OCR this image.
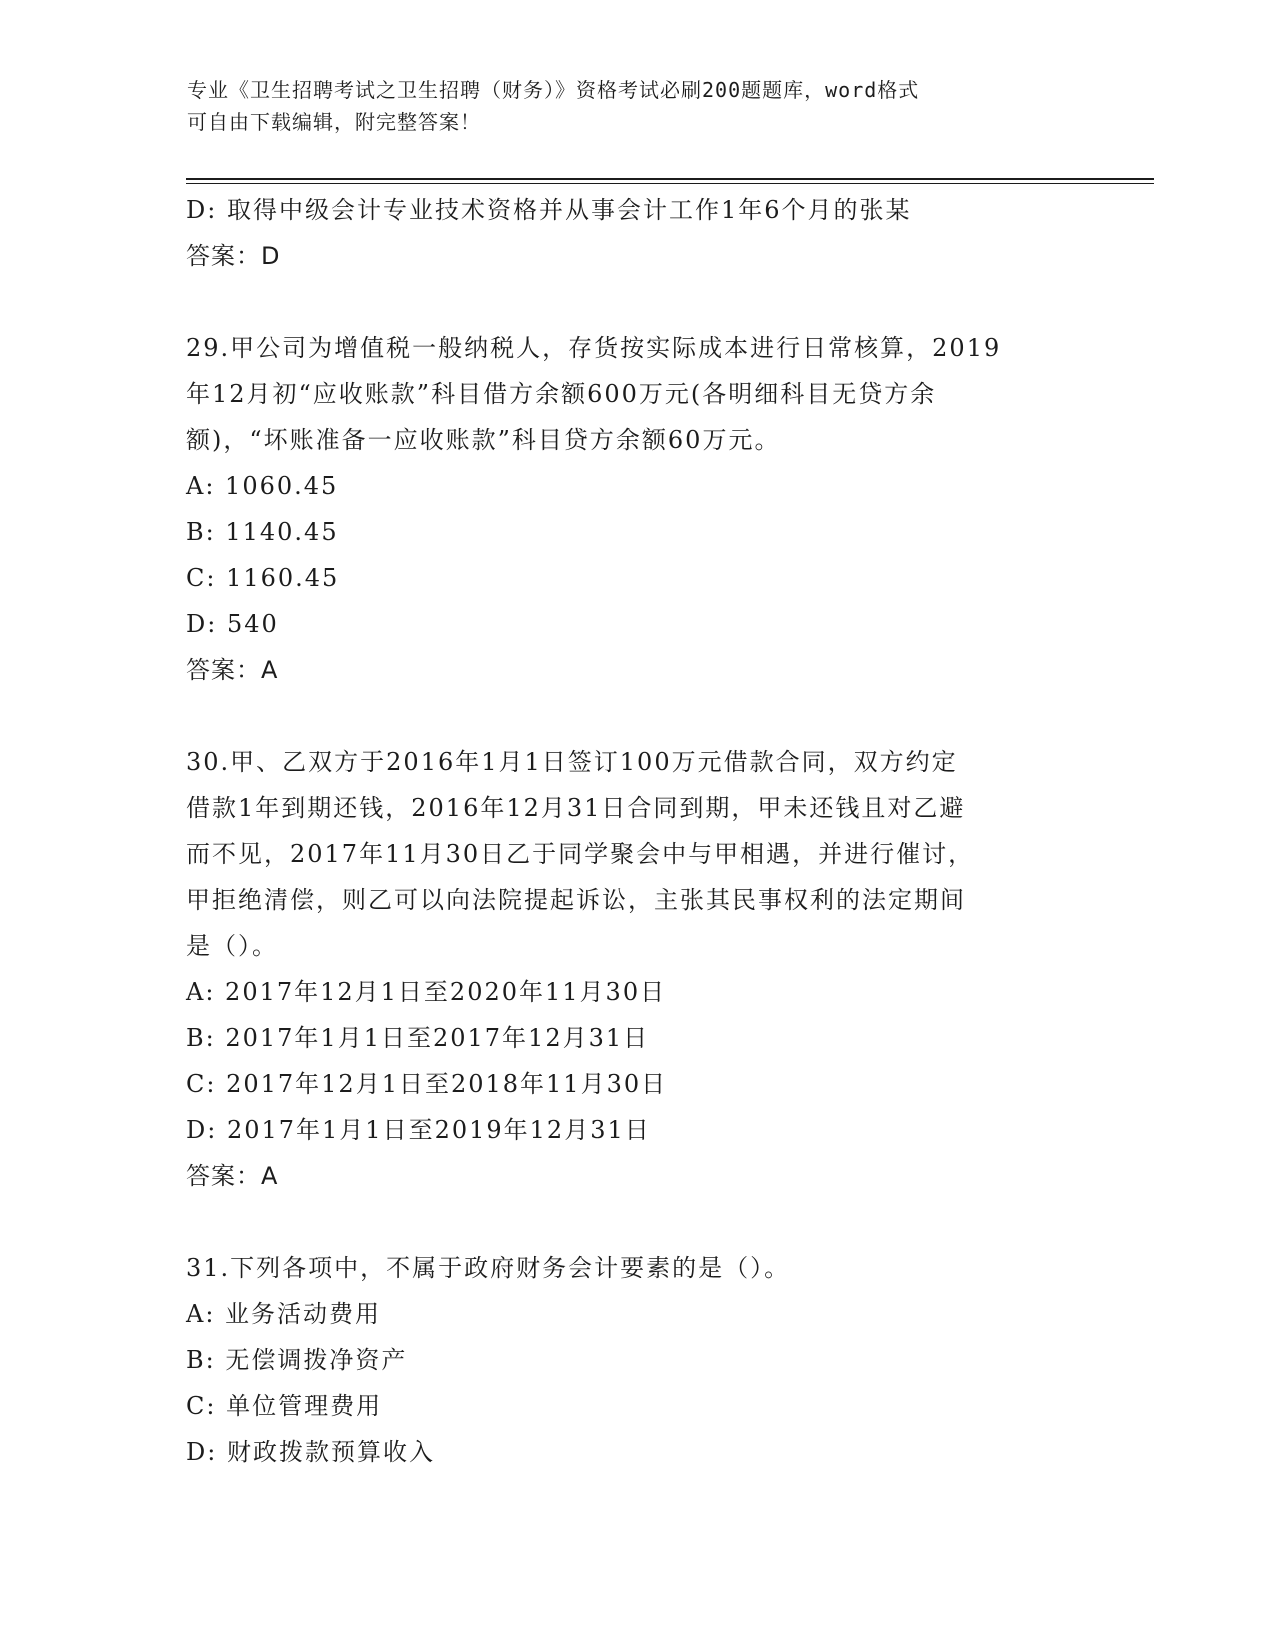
专业《卫生招聘考试之卫生招聘（财务）》资格考试必刷200题题库，word格式
可自由下载编辑，附完整答案！
D: 取得中级会计专业技术资格并从事会计工作1年6个月的张某
答案：D
29.甲公司为增值税一般纳税人，存货按实际成本进行日常核算，2019
年12月初“应收账款”科目借方余额600万元(各明细科目无贷方余
额)，“坏账准备一应收账款”科目贷方余额60万元。
A: 1060.45
B: 1140.45
C: 1160.45
D: 540
答案：A
30.甲、乙双方于2016年1月1日签订100万元借款合同，双方约定
借款1年到期还钱，2016年12月31日合同到期，甲未还钱且对乙避
而不见，2017年11月30日乙于同学聚会中与甲相遇，并进行催讨，
甲拒绝清偿，则乙可以向法院提起诉讼，主张其民事权利的法定期间
是（）。
A: 2017年12月1日至2020年11月30日
B: 2017年1月1日至2017年12月31日
C: 2017年12月1日至2018年11月30日
D: 2017年1月1日至2019年12月31日
答案：A
31.下列各项中，不属于政府财务会计要素的是（）。
A: 业务活动费用
B: 无偿调拨净资产
C: 单位管理费用
D: 财政拨款预算收入
